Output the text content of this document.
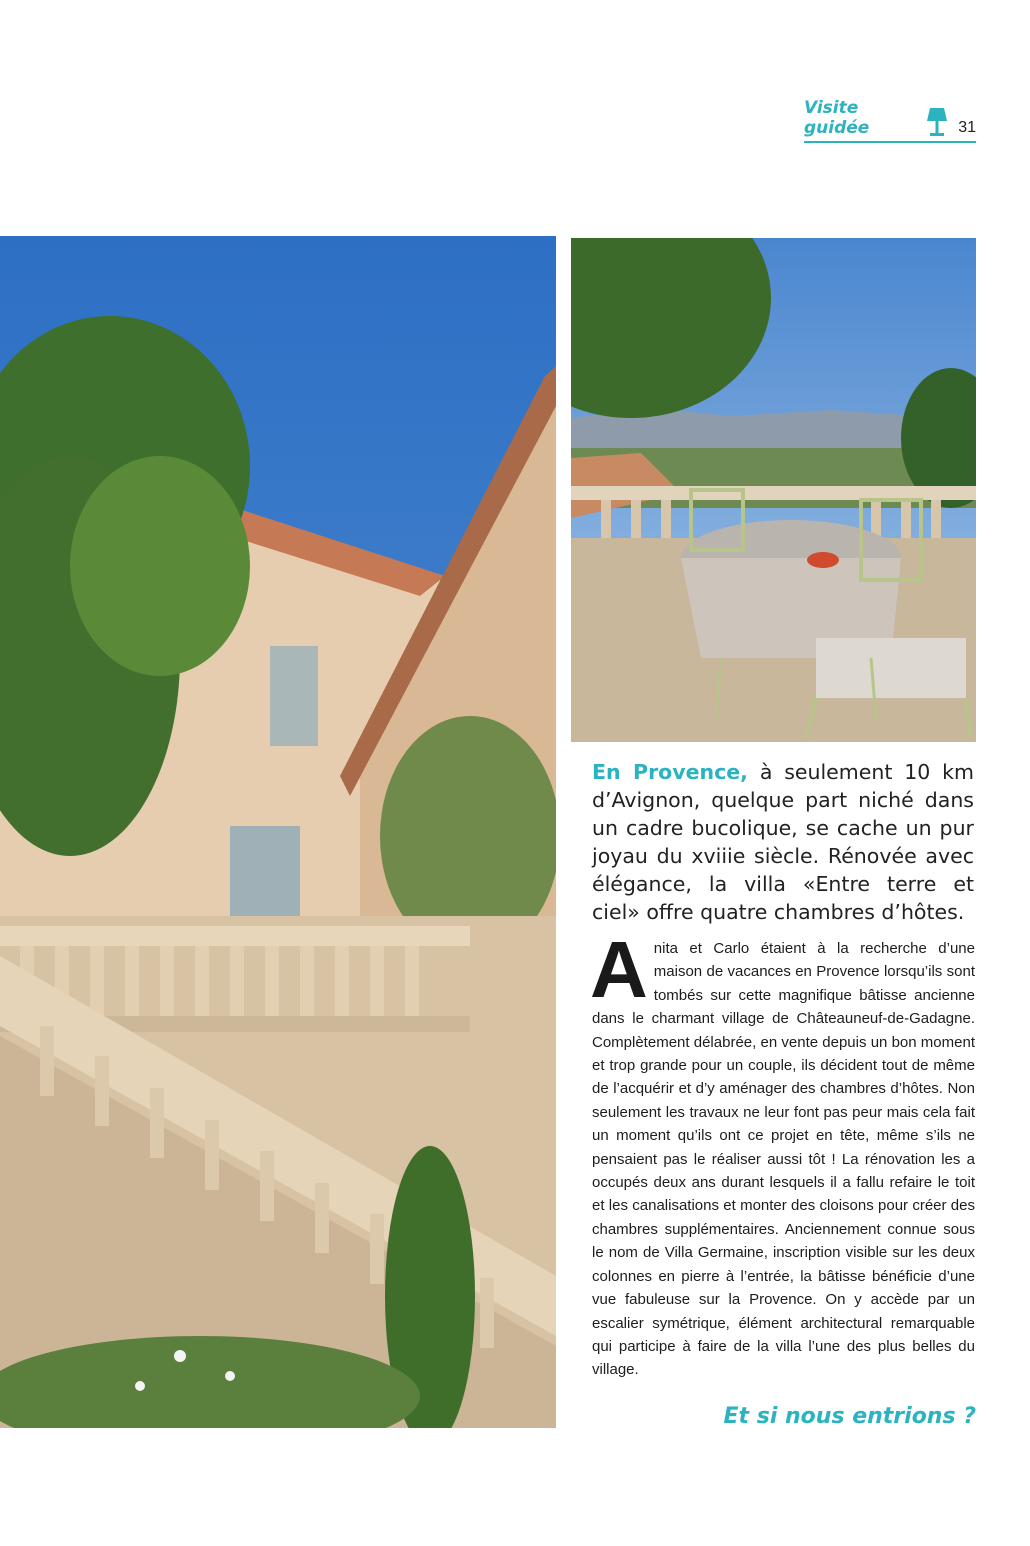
Visite guidée	31
En Provence, à seulement 10 km d’Avignon, quelque part niché dans un cadre bucolique, se cache un pur joyau du xviiie siècle. Rénovée avec élégance, la villa «Entre terre et ciel» offre quatre chambres d’hôtes.
Anita et Carlo étaient à la recherche d’une maison de vacances en Provence lorsqu’ils sont tombés sur cette magnifique bâtisse ancienne dans le charmant village de Châteauneuf-de-Gadagne. Complètement délabrée, en vente depuis un bon moment et trop grande pour un couple, ils décident tout de même de l’acquérir et d’y aménager des chambres d’hôtes. Non seulement les travaux ne leur font pas peur mais cela fait un moment qu’ils ont ce projet en tête, même s’ils ne pensaient pas le réaliser aussi tôt ! La rénovation les a occupés deux ans durant lesquels il a fallu refaire le toit et les canalisations et monter des cloisons pour créer des chambres supplémentaires. Anciennement connue sous le nom de Villa Germaine, inscription visible sur les deux colonnes en pierre à l’entrée, la bâtisse bénéficie d’une vue fabuleuse sur la Provence. On y accède par un escalier symétrique, élément architectural remarquable qui participe à faire de la villa l’une des plus belles du village.
Et si nous entrions ?
